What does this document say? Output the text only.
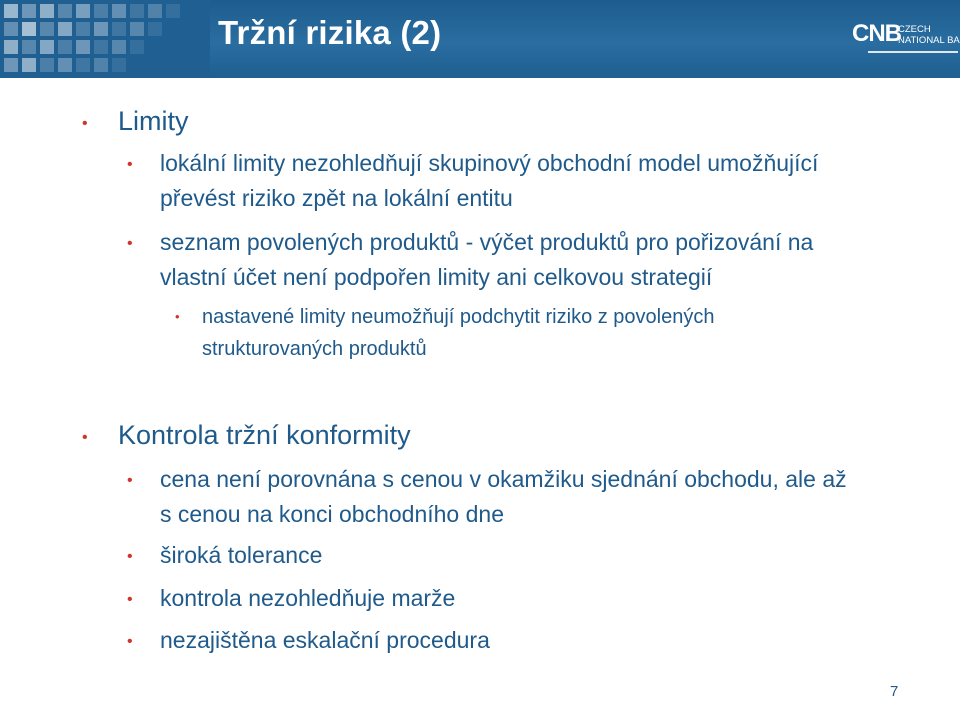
Tržní rizika (2)	CNB
CZECH
NATIONAL BANK
• Limity
• lokální limity nezohledňují skupinový obchodní model umožňující
převést riziko zpět na lokální entitu
• seznam povolených produktů - výčet produktů pro pořizování na
vlastní účet není podpořen limity ani celkovou strategií
• nastavené limity neumožňují podchytit riziko z povolených
strukturovaných produktů
• Kontrola tržní konformity
• cena není porovnána s cenou v okamžiku sjednání obchodu, ale až
s cenou na konci obchodního dne
• široká tolerance
• kontrola nezohledňuje marže
• nezajištěna eskalační procedura
7
